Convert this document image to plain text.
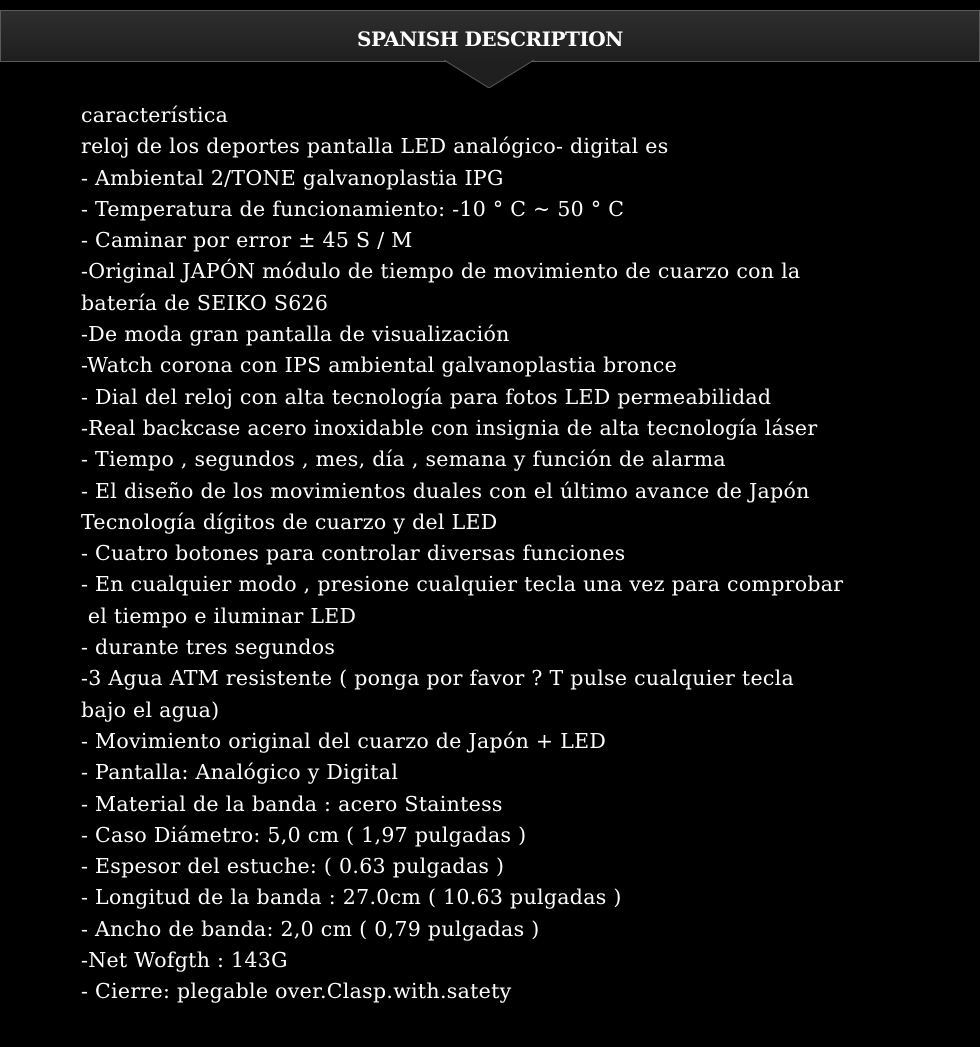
SPANISH DESCRIPTION
característica
reloj de los deportes pantalla LED analógico- digital es
- Ambiental 2/TONE galvanoplastia IPG
- Temperatura de funcionamiento: -10 ° C ~ 50 ° C
- Caminar por error ± 45 S / M
-Original JAPÓN módulo de tiempo de movimiento de cuarzo con la
batería de SEIKO S626
-De moda gran pantalla de visualización
-Watch corona con IPS ambiental galvanoplastia bronce
- Dial del reloj con alta tecnología para fotos LED permeabilidad
-Real backcase acero inoxidable con insignia de alta tecnología láser
- Tiempo , segundos , mes, día , semana y función de alarma
- El diseño de los movimientos duales con el último avance de Japón
Tecnología dígitos de cuarzo y del LED
- Cuatro botones para controlar diversas funciones
- En cualquier modo , presione cualquier tecla una vez para comprobar
el tiempo e iluminar LED
- durante tres segundos
-3 Agua ATM resistente ( ponga por favor ? T pulse cualquier tecla
bajo el agua)
- Movimiento original del cuarzo de Japón + LED
- Pantalla: Analógico y Digital
- Material de la banda : acero Staintess
- Caso Diámetro: 5,0 cm ( 1,97 pulgadas )
- Espesor del estuche: ( 0.63 pulgadas )
- Longitud de la banda : 27.0cm ( 10.63 pulgadas )
- Ancho de banda: 2,0 cm ( 0,79 pulgadas )
-Net Wofgth : 143G
- Cierre: plegable over.Clasp.with.satety
